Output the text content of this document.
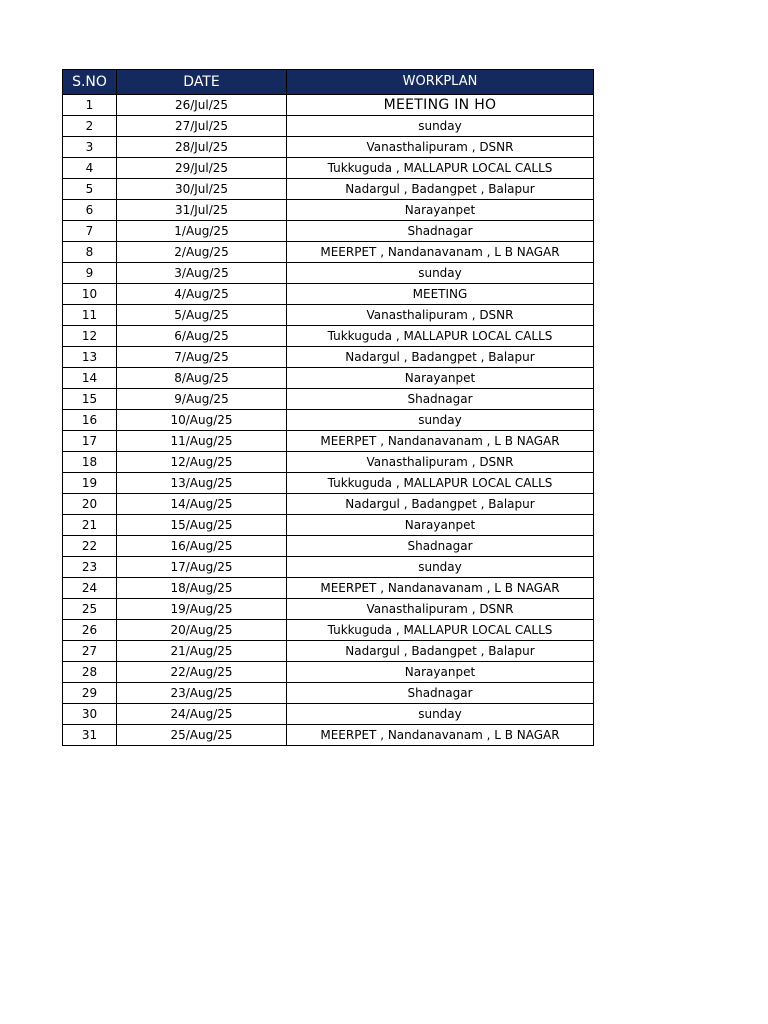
S.NO	DATE	WORKPLAN
1	26/Jul/25	MEETING IN HO
2	27/Jul/25	sunday
3	28/Jul/25	Vanasthalipuram , DSNR
4	29/Jul/25	Tukkuguda , MALLAPUR LOCAL CALLS
5	30/Jul/25	Nadargul , Badangpet , Balapur
6	31/Jul/25	Narayanpet
7	1/Aug/25	Shadnagar
8	2/Aug/25	MEERPET , Nandanavanam , L B NAGAR
9	3/Aug/25	sunday
10	4/Aug/25	MEETING
11	5/Aug/25	Vanasthalipuram , DSNR
12	6/Aug/25	Tukkuguda , MALLAPUR LOCAL CALLS
13	7/Aug/25	Nadargul , Badangpet , Balapur
14	8/Aug/25	Narayanpet
15	9/Aug/25	Shadnagar
16	10/Aug/25	sunday
17	11/Aug/25	MEERPET , Nandanavanam , L B NAGAR
18	12/Aug/25	Vanasthalipuram , DSNR
19	13/Aug/25	Tukkuguda , MALLAPUR LOCAL CALLS
20	14/Aug/25	Nadargul , Badangpet , Balapur
21	15/Aug/25	Narayanpet
22	16/Aug/25	Shadnagar
23	17/Aug/25	sunday
24	18/Aug/25	MEERPET , Nandanavanam , L B NAGAR
25	19/Aug/25	Vanasthalipuram , DSNR
26	20/Aug/25	Tukkuguda , MALLAPUR LOCAL CALLS
27	21/Aug/25	Nadargul , Badangpet , Balapur
28	22/Aug/25	Narayanpet
29	23/Aug/25	Shadnagar
30	24/Aug/25	sunday
31	25/Aug/25	MEERPET , Nandanavanam , L B NAGAR
